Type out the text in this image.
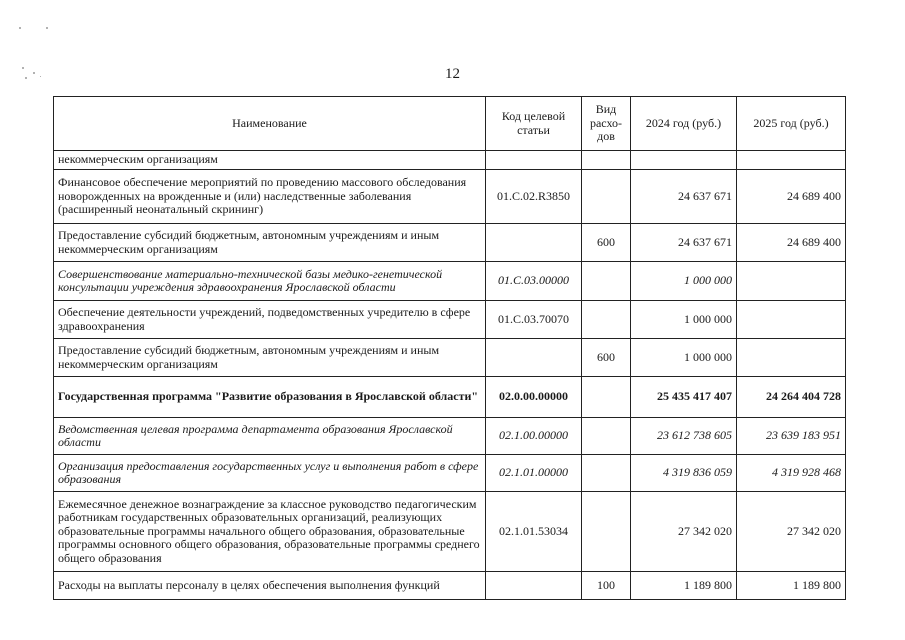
12
Наименование	Код целевой статьи	Вид расхо-дов	2024 год (руб.)	2025 год (руб.)
некоммерческим организациям				
Финансовое обеспечение мероприятий по проведению массового обследования новорожденных на врожденные и (или) наследственные заболевания (расширенный неонатальный скрининг)	01.С.02.R3850		24 637 671	24 689 400
Предоставление субсидий бюджетным, автономным учреждениям и иным некоммерческим организациям		600	24 637 671	24 689 400
Совершенствование материально-технической базы медико-генетической консультации учреждения здравоохранения Ярославской области	01.С.03.00000		1 000 000	
Обеспечение деятельности учреждений, подведомственных учредителю в сфере здравоохранения	01.С.03.70070		1 000 000	
Предоставление субсидий бюджетным, автономным учреждениям и иным некоммерческим организациям		600	1 000 000	
Государственная программа "Развитие образования в Ярославской области"	02.0.00.00000		25 435 417 407	24 264 404 728
Ведомственная целевая программа департамента образования Ярославской области	02.1.00.00000		23 612 738 605	23 639 183 951
Организация предоставления государственных услуг и выполнения работ в сфере образования	02.1.01.00000		4 319 836 059	4 319 928 468
Ежемесячное денежное вознаграждение за классное руководство педагогическим работникам государственных образовательных организаций, реализующих образовательные программы начального общего образования, образовательные программы основного общего образования, образовательные программы среднего общего образования	02.1.01.53034		27 342 020	27 342 020
Расходы на выплаты персоналу в целях обеспечения выполнения функций		100	1 189 800	1 189 800
